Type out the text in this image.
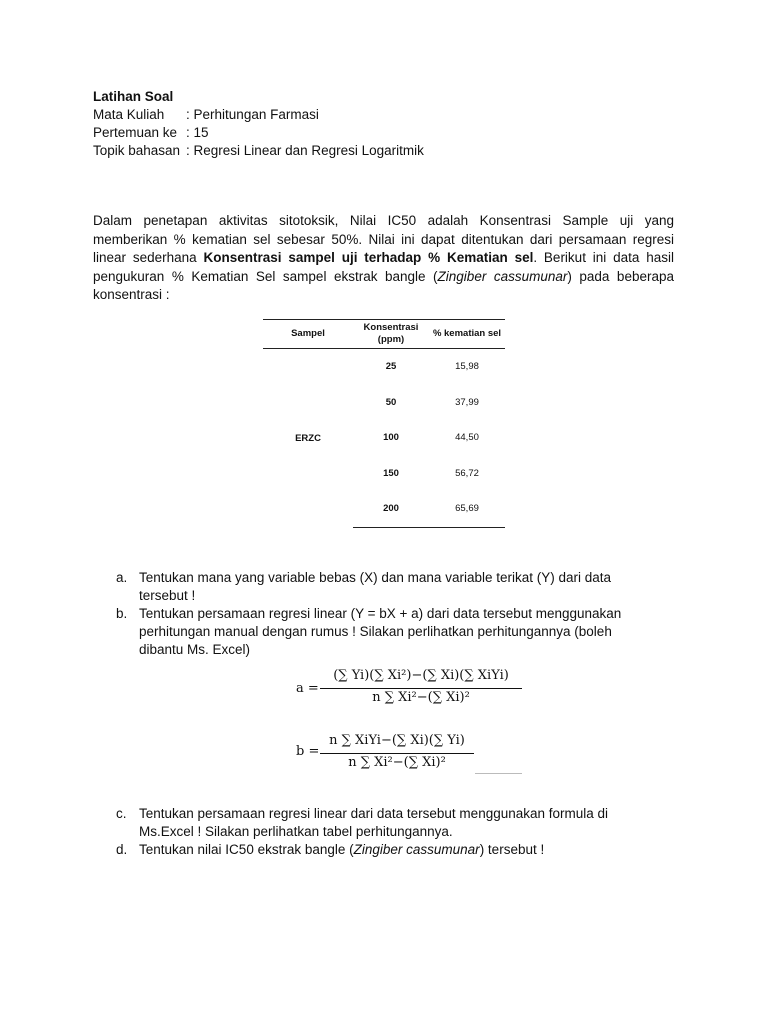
Latihan Soal
Mata Kuliah : Perhitungan Farmasi
Pertemuan ke : 15
Topik bahasan : Regresi Linear dan Regresi Logaritmik
Dalam penetapan aktivitas sitotoksik, Nilai IC50 adalah Konsentrasi Sample uji yang memberikan % kematian sel sebesar 50%. Nilai ini dapat ditentukan dari persamaan regresi linear sederhana Konsentrasi sampel uji terhadap % Kematian sel. Berikut ini data hasil pengukuran % Kematian Sel sampel ekstrak bangle (Zingiber cassumunar) pada beberapa konsentrasi :
Sampel	Konsentrasi (ppm)	% kematian sel
ERZC	25	15,98
	50	37,99
	100	44,50
	150	56,72
	200	65,69
a. Tentukan mana yang variable bebas (X) dan mana variable terikat (Y) dari data tersebut !
b. Tentukan persamaan regresi linear (Y = bX + a) dari data tersebut menggunakan perhitungan manual dengan rumus ! Silakan perlihatkan perhitungannya (boleh dibantu Ms. Excel)
a =
(∑ Yi)(∑ Xi²)−(∑ Xi)(∑ XiYi)
n ∑ Xi²−(∑ Xi)²
b =
n ∑ XiYi−(∑ Xi)(∑ Yi)
n ∑ Xi²−(∑ Xi)²
c. Tentukan persamaan regresi linear dari data tersebut menggunakan formula di Ms.Excel ! Silakan perlihatkan tabel perhitungannya.
d. Tentukan nilai IC50 ekstrak bangle (Zingiber cassumunar) tersebut !
